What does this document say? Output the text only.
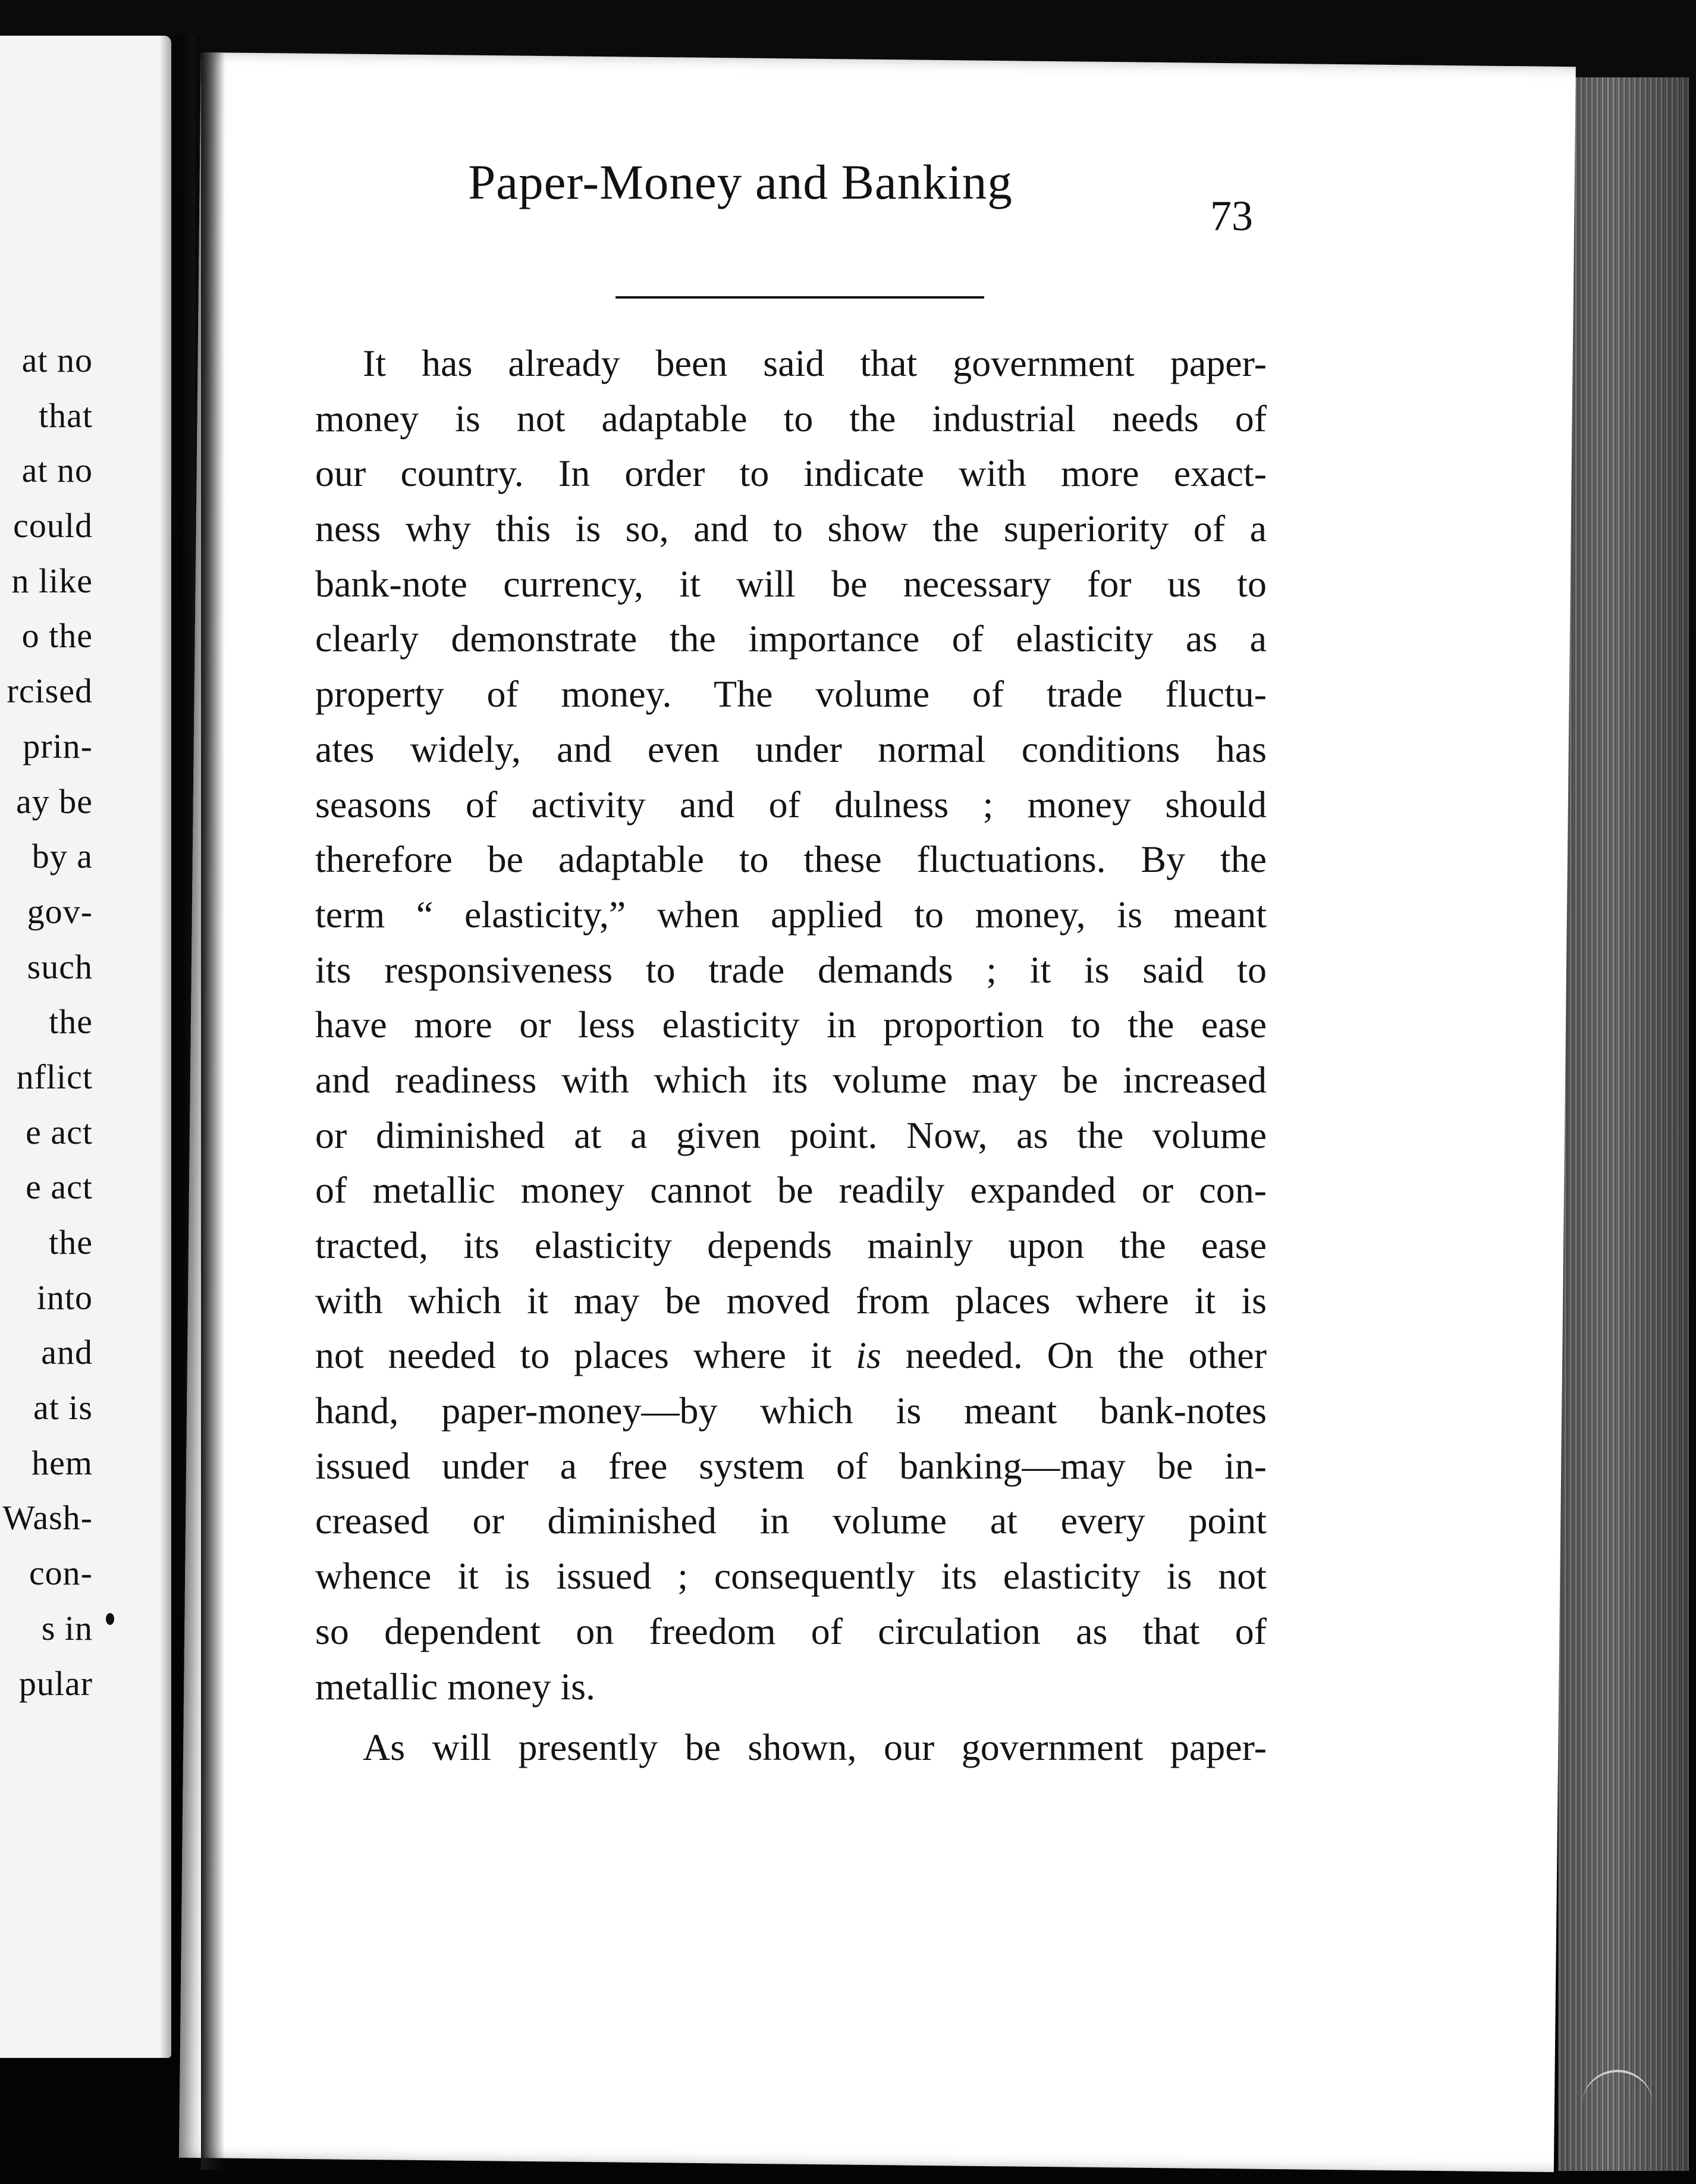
at no
that
at no
could
n like
o the
rcised
prin-
ay be
by a
gov-
such
the
nflict
e act
e act
the
into
and
at is
hem
Wash-
con-
s in
pular
Paper-Money and Banking
73
It has already been said that government paper-
money is not adaptable to the industrial needs of
our country. In order to indicate with more exact-
ness why this is so, and to show the superiority of a
bank-note currency, it will be necessary for us to
clearly demonstrate the importance of elasticity as a
property of money. The volume of trade fluctu-
ates widely, and even under normal conditions has
seasons of activity and of dulness ; money should
therefore be adaptable to these fluctuations. By the
term “ elasticity,” when applied to money, is meant
its responsiveness to trade demands ; it is said to
have more or less elasticity in proportion to the ease
and readiness with which its volume may be increased
or diminished at a given point. Now, as the volume
of metallic money cannot be readily expanded or con-
tracted, its elasticity depends mainly upon the ease
with which it may be moved from places where it is
not needed to places where it is needed. On the other
hand, paper-money—by which is meant bank-notes
issued under a free system of banking—may be in-
creased or diminished in volume at every point
whence it is issued ; consequently its elasticity is not
so dependent on freedom of circulation as that of
metallic money is.
As will presently be shown, our government paper-
